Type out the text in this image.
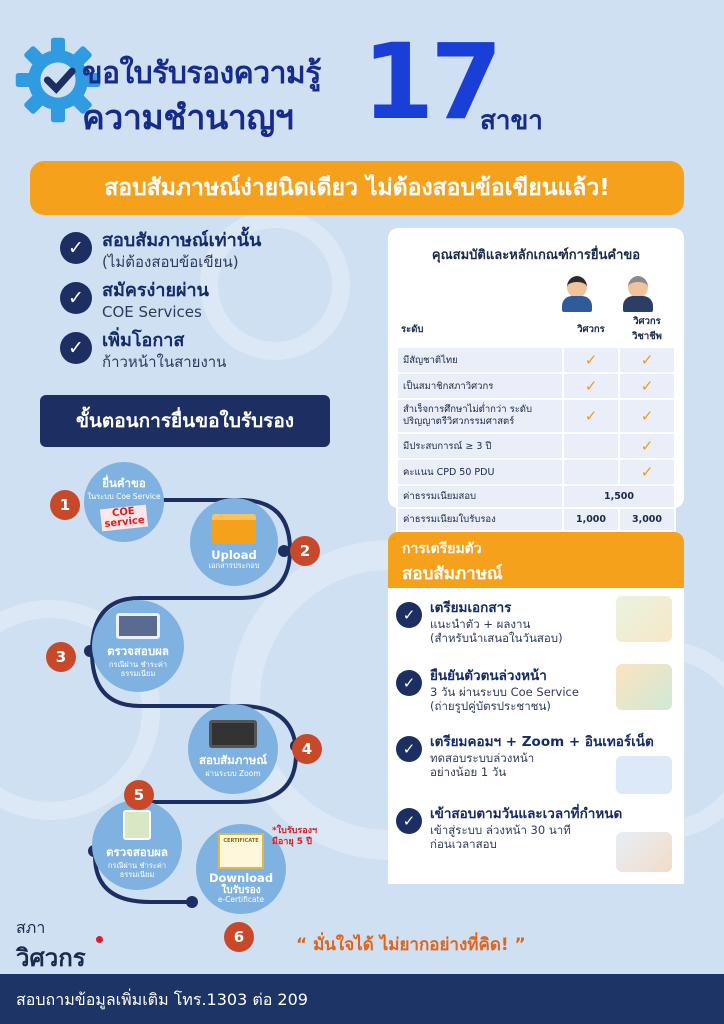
ขอใบรับรองความรู้
ความชำนาญฯ 17
สาขา
สอบสัมภาษณ์ง่ายนิดเดียว ไม่ต้องสอบข้อเขียนแล้ว!
✓	สอบสัมภาษณ์เท่านั้น
(ไม่ต้องสอบข้อเขียน)
✓	สมัครง่ายผ่าน
COE Services
✓	เพิ่มโอกาส
ก้าวหน้าในสายงาน
ขั้นตอนการยื่นขอใบรับรอง
ยื่นคำขอ
ในระบบ Coe Service
COE service
1
Upload
เอกสารประกอบ
2
ตรวจสอบผล
กรณีผ่าน ชำระค่าธรรมเนียม
3
สอบสัมภาษณ์
ผ่านระบบ Zoom
4
ตรวจสอบผล
กรณีผ่าน ชำระค่าธรรมเนียม
5
CERTIFICATE
Download
ใบรับรอง
e-Certificate
6
*ใบรับรองฯ มีอายุ 5 ปี
คุณสมบัติและหลักเกณฑ์การยื่นคำขอ
ระดับ	วิศวกร	วิศวกรวิชาชีพ
มีสัญชาติไทย	✓	✓
เป็นสมาชิกสภาวิศวกร	✓	✓
สำเร็จการศึกษาไม่ต่ำกว่า ระดับปริญญาตรีวิศวกรรมศาสตร์	✓	✓
มีประสบการณ์ ≥ 3 ปี		✓
คะแนน CPD 50 PDU		✓
ค่าธรรมเนียมสอบ	1,500	
ค่าธรรมเนียมใบรับรอง	1,000	3,000
การเตรียมตัว
สอบสัมภาษณ์
✓	เตรียมเอกสาร
แนะนำตัว + ผลงาน
(สำหรับนำเสนอในวันสอบ)
✓	ยืนยันตัวตนล่วงหน้า
3 วัน ผ่านระบบ Coe Service
(ถ่ายรูปคู่บัตรประชาชน)
✓	เตรียมคอมฯ + Zoom + อินเทอร์เน็ต
ทดสอบระบบล่วงหน้า
อย่างน้อย 1 วัน
✓	เข้าสอบตามวันและเวลาที่กำหนด
เข้าสู่ระบบ ล่วงหน้า 30 นาที
ก่อนเวลาสอบ
สภา
วิศวกร	“ มั่นใจได้ ไม่ยากอย่างที่คิด! ”
สอบถามข้อมูลเพิ่มเติม โทร.1303 ต่อ 209
